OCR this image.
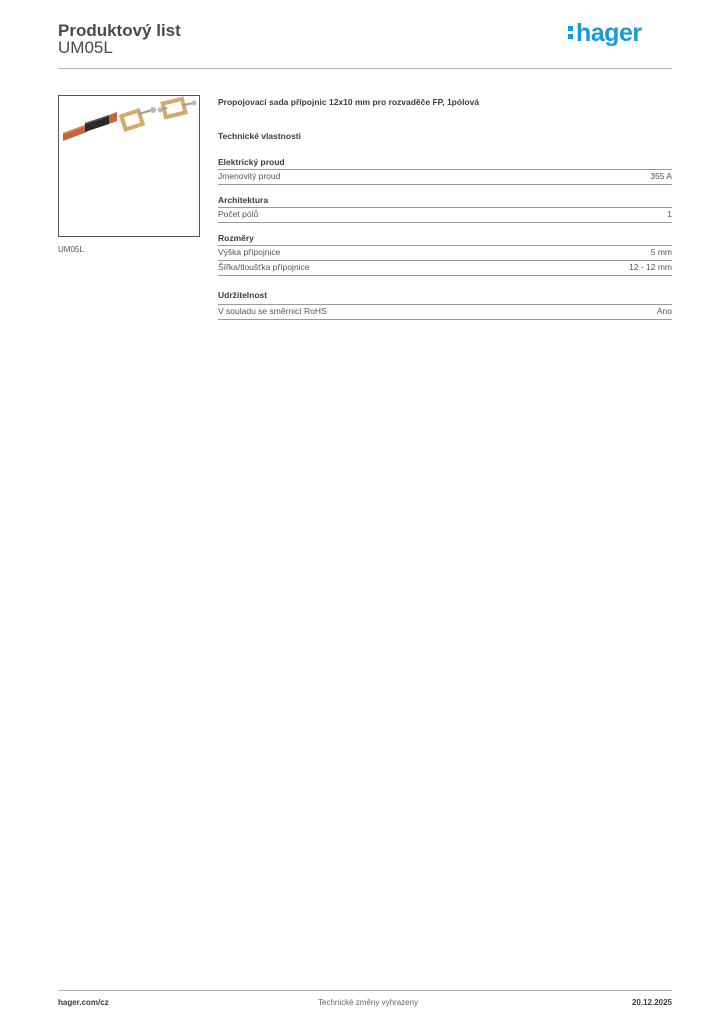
Produktový list
UM05L
hager
UM05L
Propojovací sada přípojnic 12x10 mm pro rozvaděče FP, 1pólová
Technické vlastnosti
Elektrický proud
Jmenovitý proud	355 A
Architektura
Počet pólů	1
Rozměry
Výška přípojnice	5 mm
Šířka/tloušťka přípojnice	12 - 12 mm
Udržitelnost
V souladu se směrnicí RoHS	Ano
hager.com/cz	Technické změny vyhrazeny	20.12.2025
